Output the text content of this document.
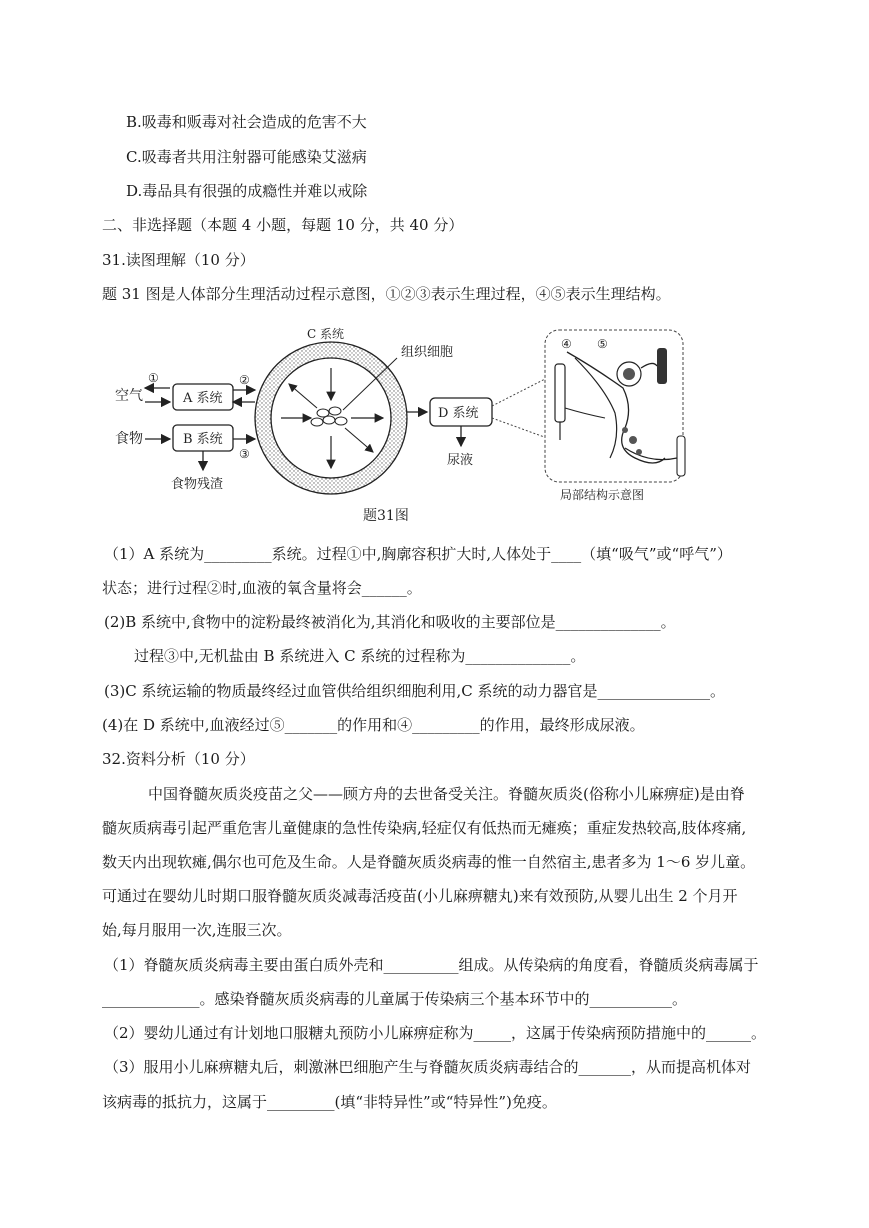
B.吸毒和贩毒对社会造成的危害不大
C.吸毒者共用注射器可能感染艾滋病
D.毒品具有很强的成瘾性并难以戒除
二、非选择题（本题 4 小题，每题 10 分，共 40 分）
31.读图理解（10 分）
题 31 图是人体部分生理活动过程示意图，①②③表示生理过程，④⑤表示生理结构。
空气
食物
①
A 系统
B 系统
食物残渣
②
③
C 系统
组织细胞
D 系统
尿液
④ ⑤
局部结构示意图
题31图
（1）A 系统为_________系统。过程①中,胸廓容积扩大时,人体处于____（填“吸气”或“呼气”）
状态；进行过程②时,血液的氧含量将会______。
(2)B 系统中,食物中的淀粉最终被消化为,其消化和吸收的主要部位是______________。
过程③中,无机盐由 B 系统进入 C 系统的过程称为______________。
(3)C 系统运输的物质最终经过血管供给组织细胞利用,C 系统的动力器官是_______________。
(4)在 D 系统中,血液经过⑤_______的作用和④_________的作用，最终形成尿液。
32.资料分析（10 分）
中国脊髓灰质炎疫苗之父——顾方舟的去世备受关注。脊髓灰质炎(俗称小儿麻痹症)是由脊
髓灰质病毒引起严重危害儿童健康的急性传染病,轻症仅有低热而无瘫痪；重症发热较高,肢体疼痛,
数天内出现软瘫,偶尔也可危及生命。人是脊髓灰质炎病毒的惟一自然宿主,患者多为 1～6 岁儿童。
可通过在婴幼儿时期口服脊髓灰质炎减毒活疫苗(小儿麻痹糖丸)来有效预防,从婴儿出生 2 个月开
始,每月服用一次,连服三次。
（1）脊髓灰质炎病毒主要由蛋白质外壳和__________组成。从传染病的角度看，脊髓质炎病毒属于
_____________。感染脊髓灰质炎病毒的儿童属于传染病三个基本环节中的___________。
（2）婴幼儿通过有计划地口服糖丸预防小儿麻痹症称为_____，这属于传染病预防措施中的______。
（3）服用小儿麻痹糖丸后，刺激淋巴细胞产生与脊髓灰质炎病毒结合的_______，从而提高机体对
该病毒的抵抗力，这属于_________(填“非特异性”或“特异性”)免疫。
